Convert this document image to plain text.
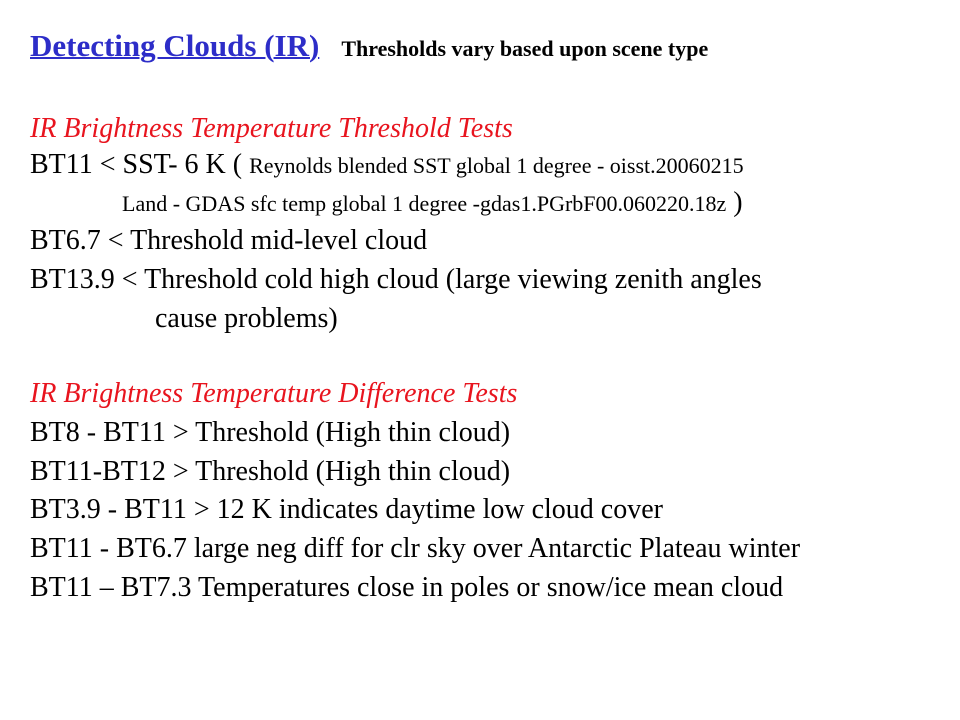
Detecting Clouds (IR) Thresholds vary based upon scene type
IR Brightness Temperature Threshold Tests
BT11 < SST- 6 K ( Reynolds blended SST global 1 degree - oisst.20060215
Land - GDAS sfc temp global 1 degree -gdas1.PGrbF00.060220.18z )
BT6.7 < Threshold mid-level cloud
BT13.9 < Threshold cold high cloud (large viewing zenith angles
cause problems)
IR Brightness Temperature Difference Tests
BT8 - BT11 > Threshold (High thin cloud)
BT11-BT12 > Threshold (High thin cloud)
BT3.9 - BT11 > 12 K indicates daytime low cloud cover
BT11 - BT6.7 large neg diff for clr sky over Antarctic Plateau winter
BT11 – BT7.3 Temperatures close in poles or snow/ice mean cloud
